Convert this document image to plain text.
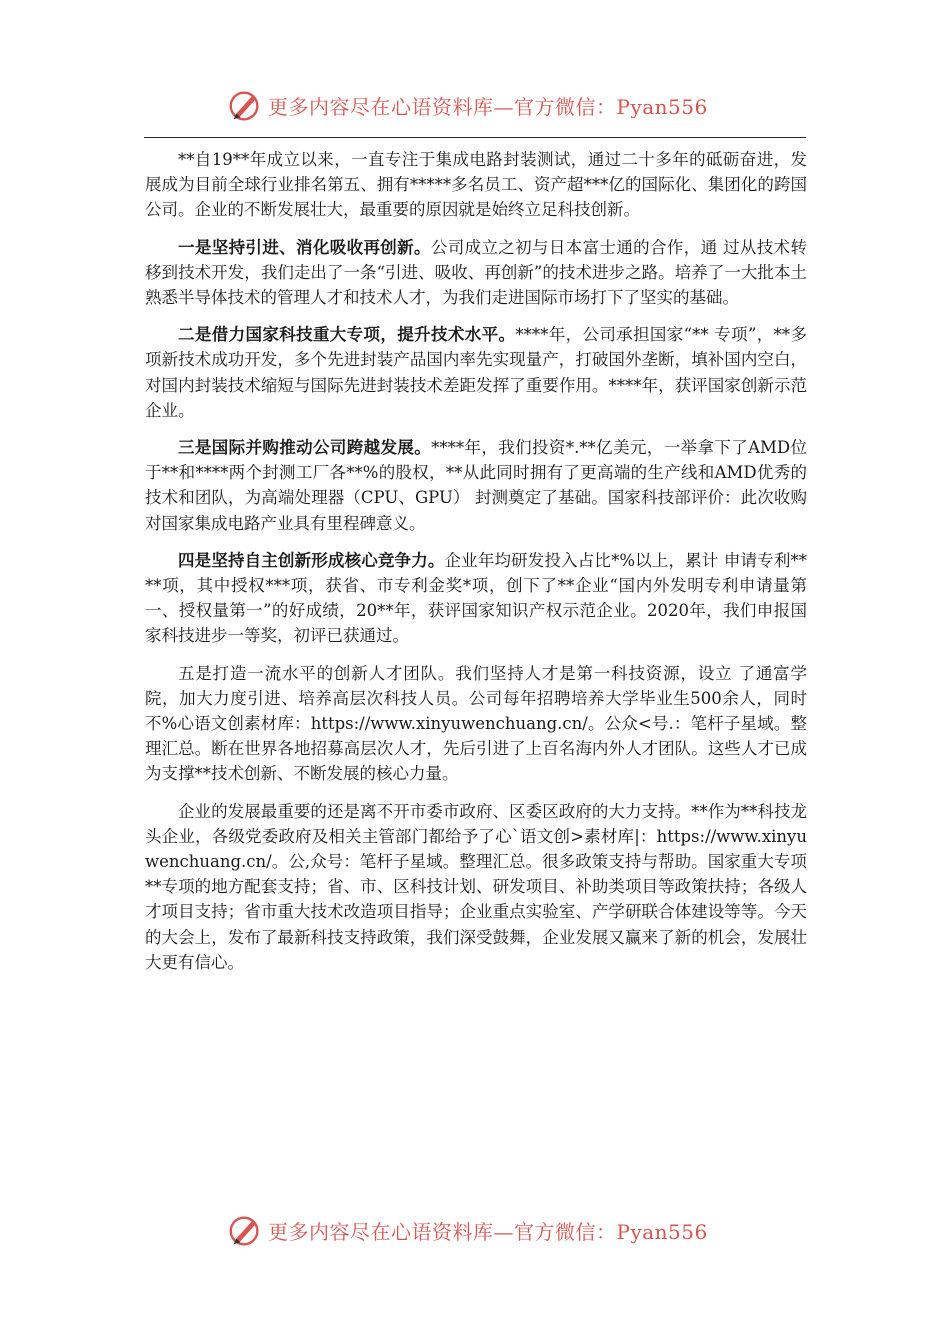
更多内容尽在心语资料库—官方微信：Pyan556

**自19**年成立以来，一直专注于集成电路封装测试，通过二十多年的砥砺奋进，发展成为目前全球行业排名第五、拥有*****多名员工、资产超***亿的国际化、集团化的跨国公司。企业的不断发展壮大，最重要的原因就是始终立足科技创新。

一是坚持引进、消化吸收再创新。公司成立之初与日本富士通的合作，通 过从技术转移到技术开发，我们走出了一条“引进、吸收、再创新”的技术进步之路。培养了一大批本土熟悉半导体技术的管理人才和技术人才，为我们走进国际市场打下了坚实的基础。

二是借力国家科技重大专项，提升技术水平。****年，公司承担国家“** 专项”，**多项新技术成功开发，多个先进封装产品国内率先实现量产，打破国外垄断，填补国内空白，对国内封装技术缩短与国际先进封装技术差距发挥了重要作用。****年，获评国家创新示范企业。

三是国际并购推动公司跨越发展。****年，我们投资*.**亿美元，一举拿下了AMD位于**和****两个封测工厂各**%的股权，**从此同时拥有了更高端的生产线和AMD优秀的技术和团队，为高端处理器（CPU、GPU） 封测奠定了基础。国家科技部评价：此次收购对国家集成电路产业具有里程碑意义。

四是坚持自主创新形成核心竞争力。企业年均研发投入占比*%以上，累计 申请专利****项，其中授权***项，获省、市专利金奖*项，创下了**企业“国内外发明专利申请量第一、授权量第一”的好成绩，20**年，获评国家知识产权示范企业。2020年，我们申报国家科技进步一等奖，初评已获通过。

五是打造一流水平的创新人才团队。我们坚持人才是第一科技资源，设立 了通富学院，加大力度引进、培养高层次科技人员。公司每年招聘培养大学毕业生500余人，同时不%心语文创素材库：https://www.xinyuwenchuang.cn/。公众<号.：笔杆子星域。整理汇总。断在世界各地招募高层次人才，先后引进了上百名海内外人才团队。这些人才已成为支撑**技术创新、不断发展的核心力量。

企业的发展最重要的还是离不开市委市政府、区委区政府的大力支持。**作为**科技龙头企业，各级党委政府及相关主管部门都给予了心`语文创>素材库|：https://www.xinyuwenchuang.cn/。公,众号：笔杆子星域。整理汇总。很多政策支持与帮助。国家重大专项**专项的地方配套支持；省、市、区科技计划、研发项目、补助类项目等政策扶持；各级人才项目支持；省市重大技术改造项目指导；企业重点实验室、产学研联合体建设等等。今天的大会上，发布了最新科技支持政策，我们深受鼓舞，企业发展又赢来了新的机会，发展壮大更有信心。

更多内容尽在心语资料库—官方微信：Pyan556
